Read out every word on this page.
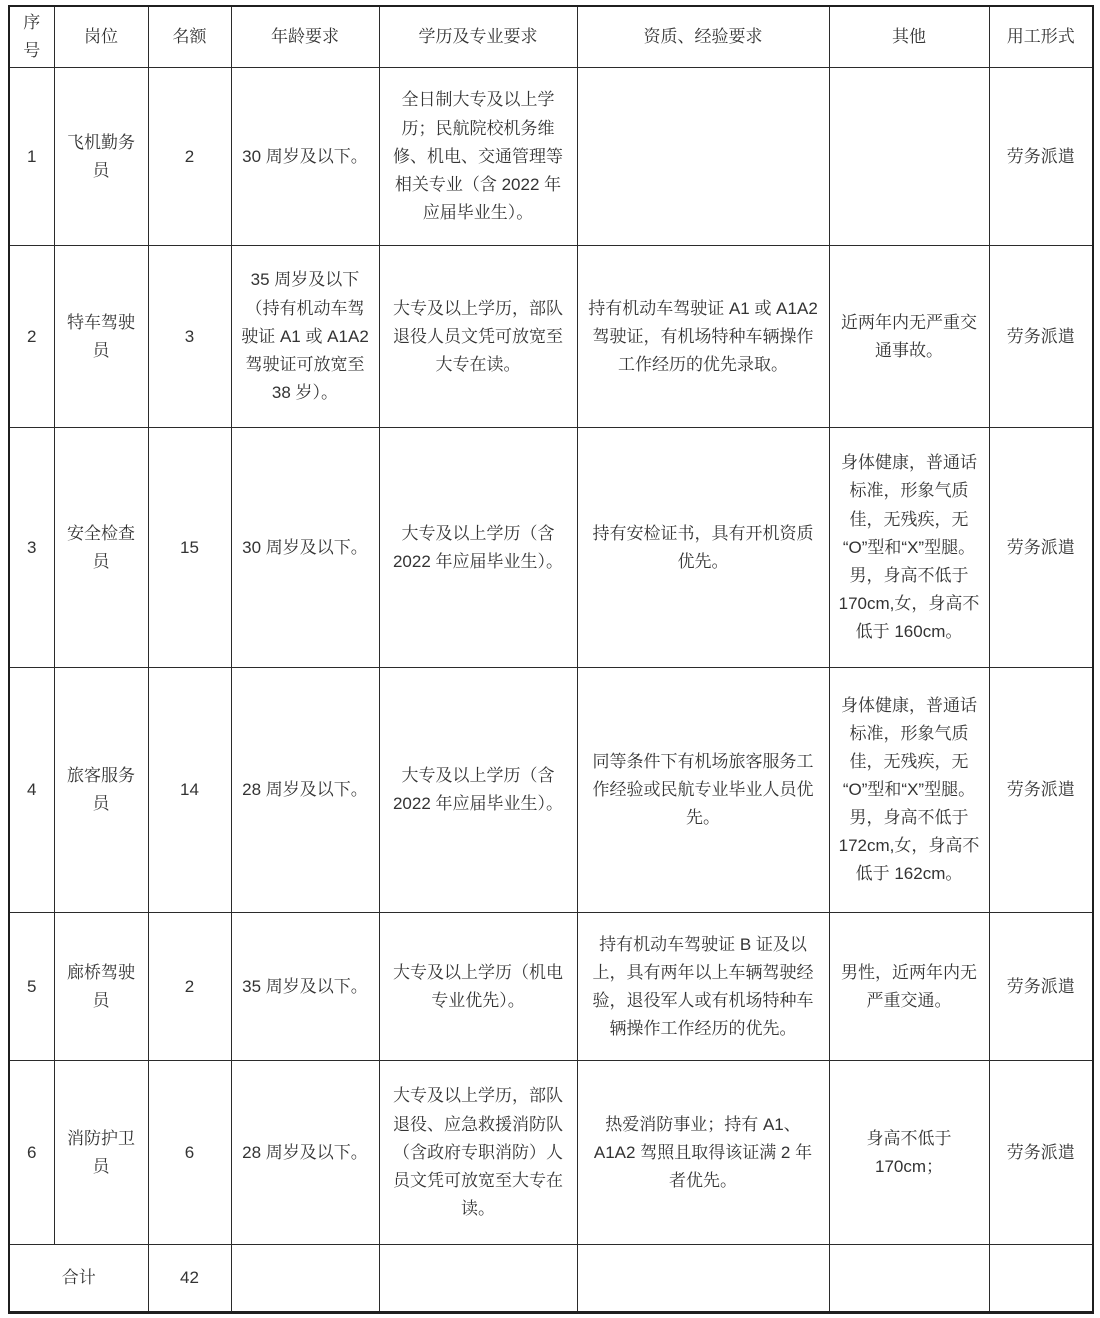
序号	岗位	名额	年龄要求	学历及专业要求	资质、经验要求	其他	用工形式
1	飞机勤务员	2	30 周岁及以下。	全日制大专及以上学历；民航院校机务维修、机电、交通管理等相关专业（含 2022 年应届毕业生）。			劳务派遣
2	特车驾驶员	3	35 周岁及以下（持有机动车驾驶证 A1 或 A1A2 驾驶证可放宽至 38 岁）。	大专及以上学历，部队退役人员文凭可放宽至大专在读。	持有机动车驾驶证 A1 或 A1A2 驾驶证，有机场特种车辆操作工作经历的优先录取。	近两年内无严重交通事故。	劳务派遣
3	安全检查员	15	30 周岁及以下。	大专及以上学历（含 2022 年应届毕业生）。	持有安检证书，具有开机资质优先。	身体健康，普通话标准，形象气质佳，无残疾，无“O”型和“X”型腿。男，身高不低于 170cm,女，身高不低于 160cm。	劳务派遣
4	旅客服务员	14	28 周岁及以下。	大专及以上学历（含 2022 年应届毕业生）。	同等条件下有机场旅客服务工作经验或民航专业毕业人员优先。	身体健康，普通话标准，形象气质佳，无残疾，无“O”型和“X”型腿。男，身高不低于 172cm,女，身高不低于 162cm。	劳务派遣
5	廊桥驾驶员	2	35 周岁及以下。	大专及以上学历（机电专业优先）。	持有机动车驾驶证 B 证及以上，具有两年以上车辆驾驶经验，退役军人或有机场特种车辆操作工作经历的优先。	男性，近两年内无严重交通。	劳务派遣
6	消防护卫员	6	28 周岁及以下。	大专及以上学历，部队退役、应急救援消防队（含政府专职消防）人员文凭可放宽至大专在读。	热爱消防事业；持有 A1、A1A2 驾照且取得该证满 2 年者优先。	身高不低于 170cm；	劳务派遣
合计		42					
